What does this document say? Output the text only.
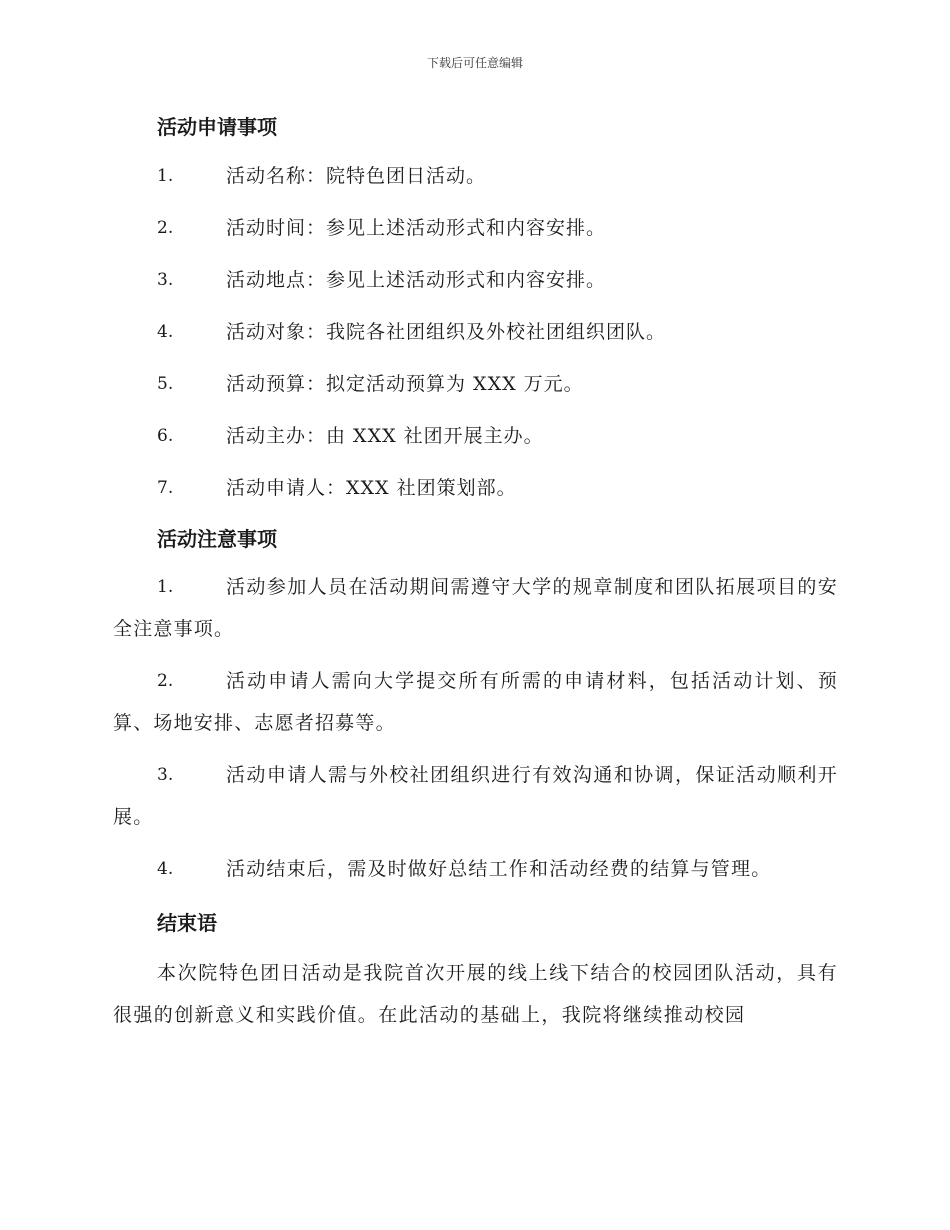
下载后可任意编辑
活动申请事项
1.	活动名称：院特色团日活动。
2.	活动时间：参见上述活动形式和内容安排。
3.	活动地点：参见上述活动形式和内容安排。
4.	活动对象：我院各社团组织及外校社团组织团队。
5.	活动预算：拟定活动预算为 XXX 万元。
6.	活动主办：由 XXX 社团开展主办。
7.	活动申请人：XXX 社团策划部。
活动注意事项
1.	活动参加人员在活动期间需遵守大学的规章制度和团队拓展项目的安全注意事项。
2.	活动申请人需向大学提交所有所需的申请材料，包括活动计划、预算、场地安排、志愿者招募等。
3.	活动申请人需与外校社团组织进行有效沟通和协调，保证活动顺利开展。
4.	活动结束后，需及时做好总结工作和活动经费的结算与管理。
结束语
本次院特色团日活动是我院首次开展的线上线下结合的校园团队活动，具有很强的创新意义和实践价值。在此活动的基础上，我院将继续推动校园
